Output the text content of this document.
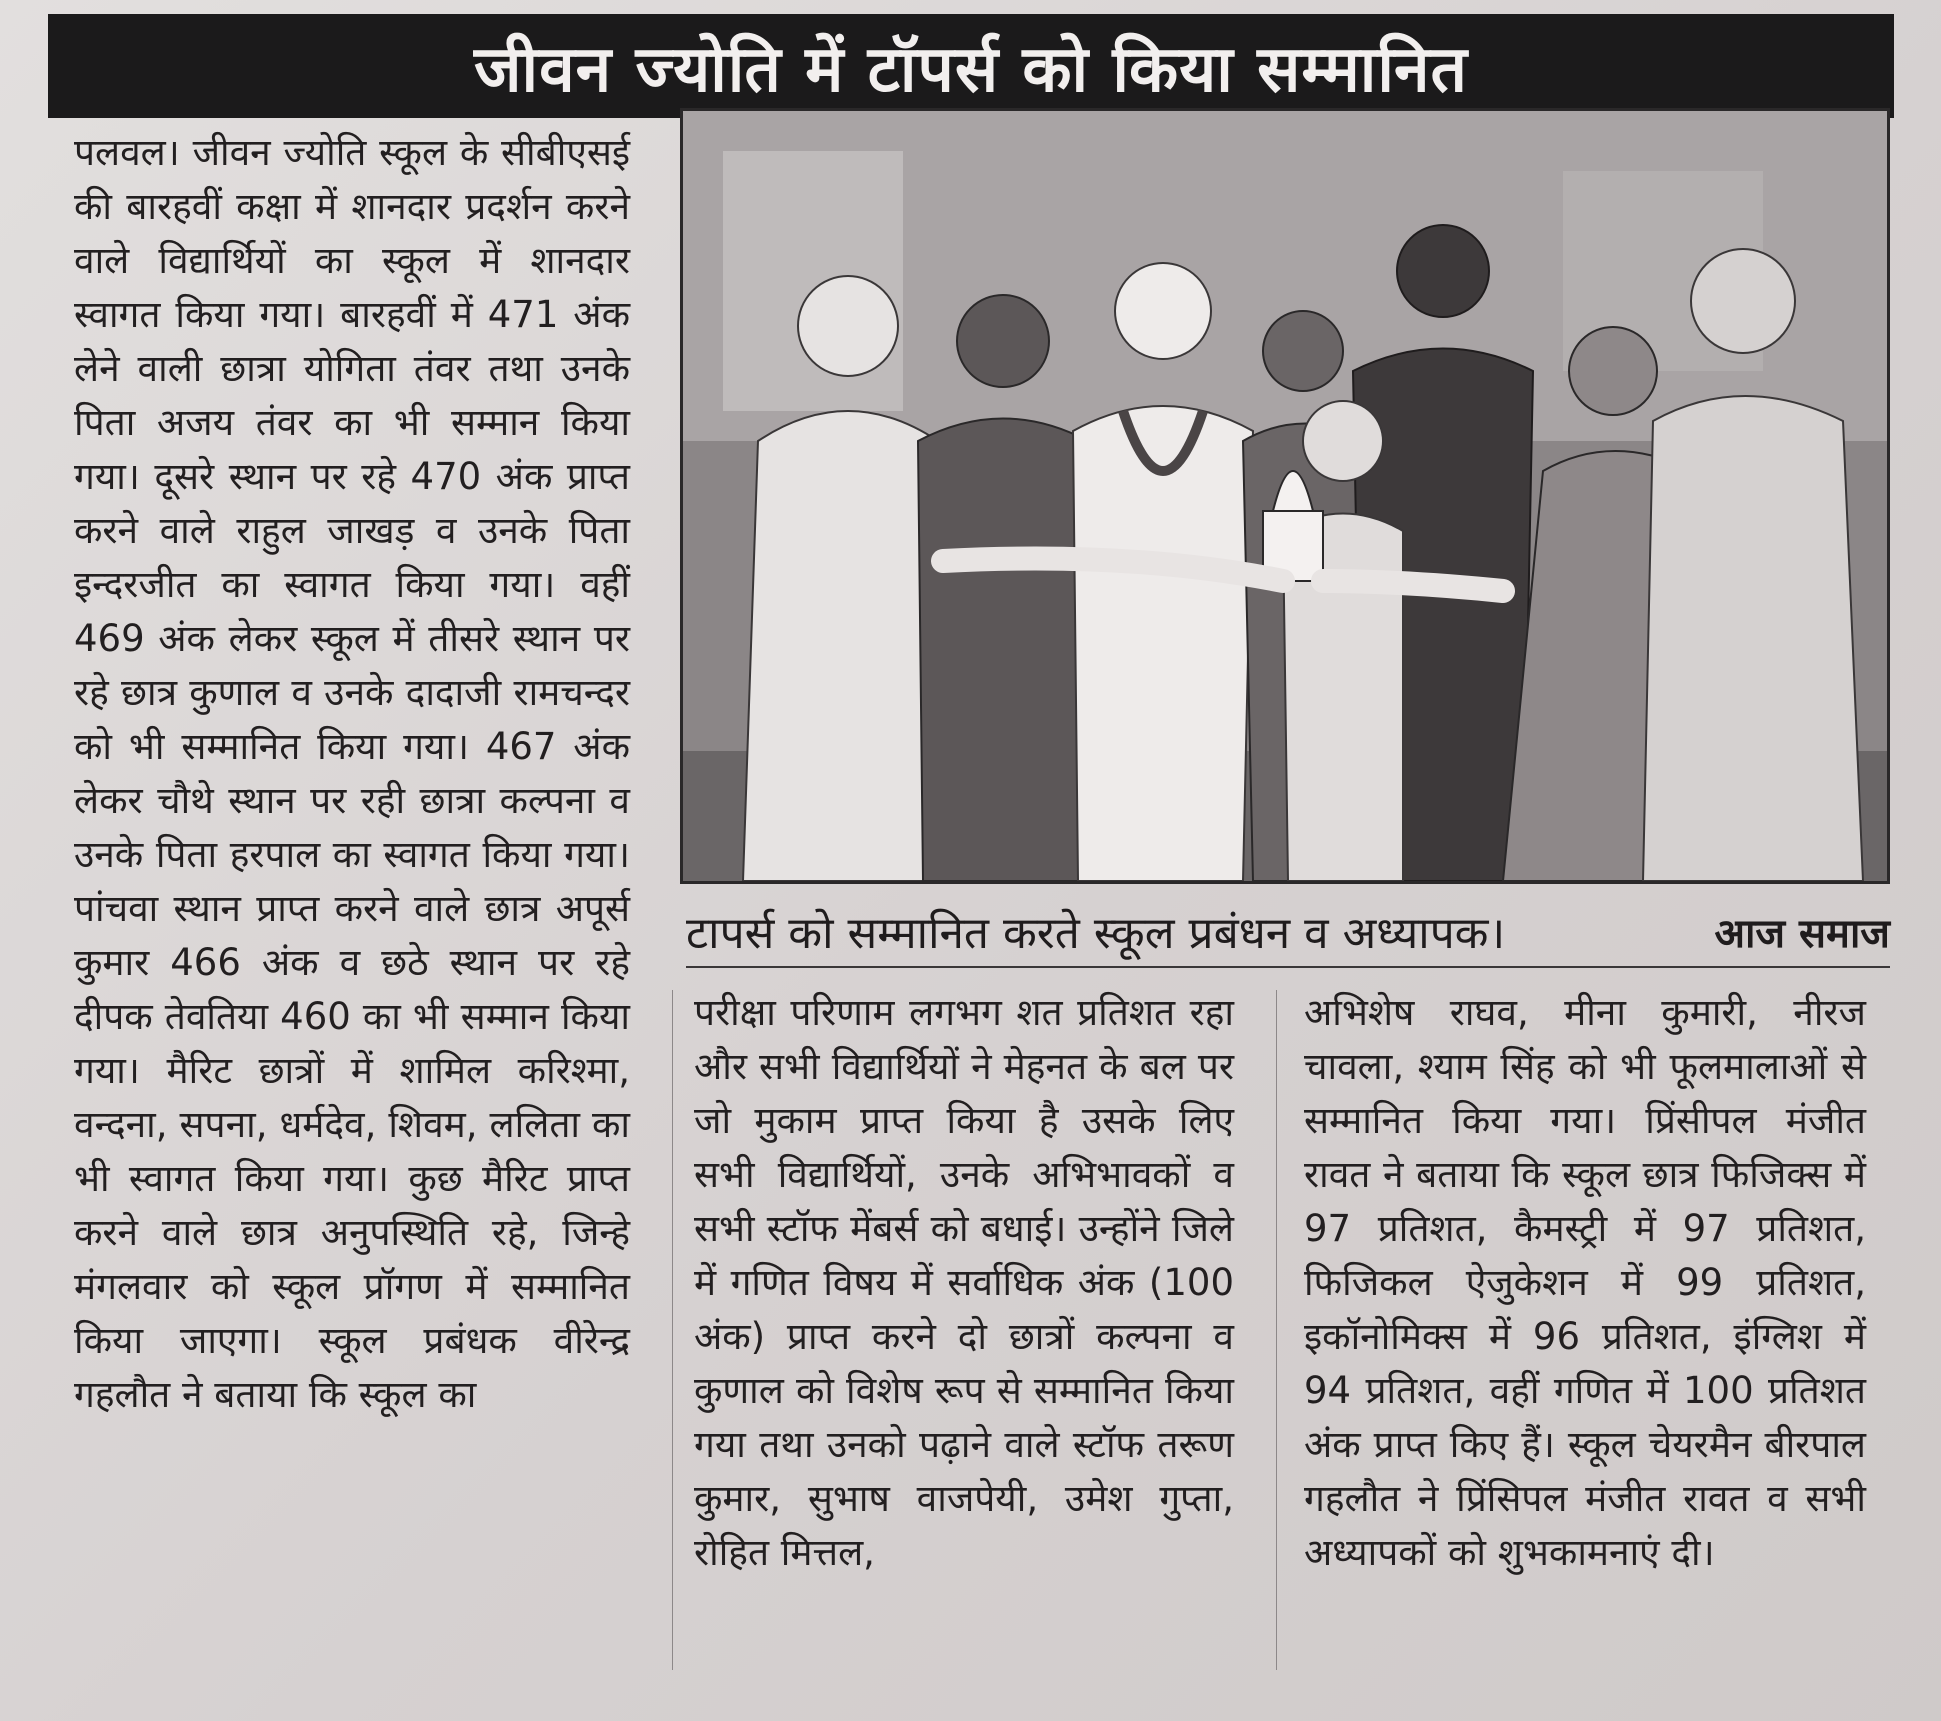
जीवन ज्योति में टॉपर्स को किया सम्मानित
पलवल। जीवन ज्योति स्कूल के सीबीएसई की बारहवीं कक्षा में शानदार प्रदर्शन करने वाले विद्यार्थियों का स्कूल में शानदार स्वागत किया गया। बारहवीं में 471 अंक लेने वाली छात्रा योगिता तंवर तथा उनके पिता अजय तंवर का भी सम्मान किया गया। दूसरे स्थान पर रहे 470 अंक प्राप्त करने वाले राहुल जाखड़ व उनके पिता इन्दरजीत का स्वागत किया गया। वहीं 469 अंक लेकर स्कूल में तीसरे स्थान पर रहे छात्र कुणाल व उनके दादाजी रामचन्दर को भी सम्मानित किया गया। 467 अंक लेकर चौथे स्थान पर रही छात्रा कल्पना व उनके पिता हरपाल का स्वागत किया गया। पांचवा स्थान प्राप्त करने वाले छात्र अपूर्स कुमार 466 अंक व छठे स्थान पर रहे दीपक तेवतिया 460 का भी सम्मान किया गया। मैरिट छात्रों में शामिल करिश्मा, वन्दना, सपना, धर्मदेव, शिवम, ललिता का भी स्वागत किया गया। कुछ मैरिट प्राप्त करने वाले छात्र अनुपस्थिति रहे, जिन्हे मंगलवार को स्कूल प्रॉगण में सम्मानित किया जाएगा। स्कूल प्रबंधक वीरेन्द्र गहलौत ने बताया कि स्कूल का
टापर्स को सम्मानित करते स्कूल प्रबंधन व अध्यापक।	आज समाज
परीक्षा परिणाम लगभग शत प्रतिशत रहा और सभी विद्यार्थियों ने मेहनत के बल पर जो मुकाम प्राप्त किया है उसके लिए सभी विद्यार्थियों, उनके अभिभावकों व सभी स्टॉफ मेंबर्स को बधाई। उन्होंने जिले में गणित विषय में सर्वाधिक अंक (100 अंक) प्राप्त करने दो छात्रों कल्पना व कुणाल को विशेष रूप से सम्मानित किया गया तथा उनको पढ़ाने वाले स्टॉफ तरूण कुमार, सुभाष वाजपेयी, उमेश गुप्ता, रोहित मित्तल,
अभिशेष राघव, मीना कुमारी, नीरज चावला, श्याम सिंह को भी फूलमालाओं से सम्मानित किया गया। प्रिंसीपल मंजीत रावत ने बताया कि स्कूल छात्र फिजिक्स में 97 प्रतिशत, कैमस्ट्री में 97 प्रतिशत, फिजिकल ऐजुकेशन में 99 प्रतिशत, इकॉनोमिक्स में 96 प्रतिशत, इंग्लिश में 94 प्रतिशत, वहीं गणित में 100 प्रतिशत अंक प्राप्त किए हैं। स्कूल चेयरमैन बीरपाल गहलौत ने प्रिंसिपल मंजीत रावत व सभी अध्यापकों को शुभकामनाएं दी।
